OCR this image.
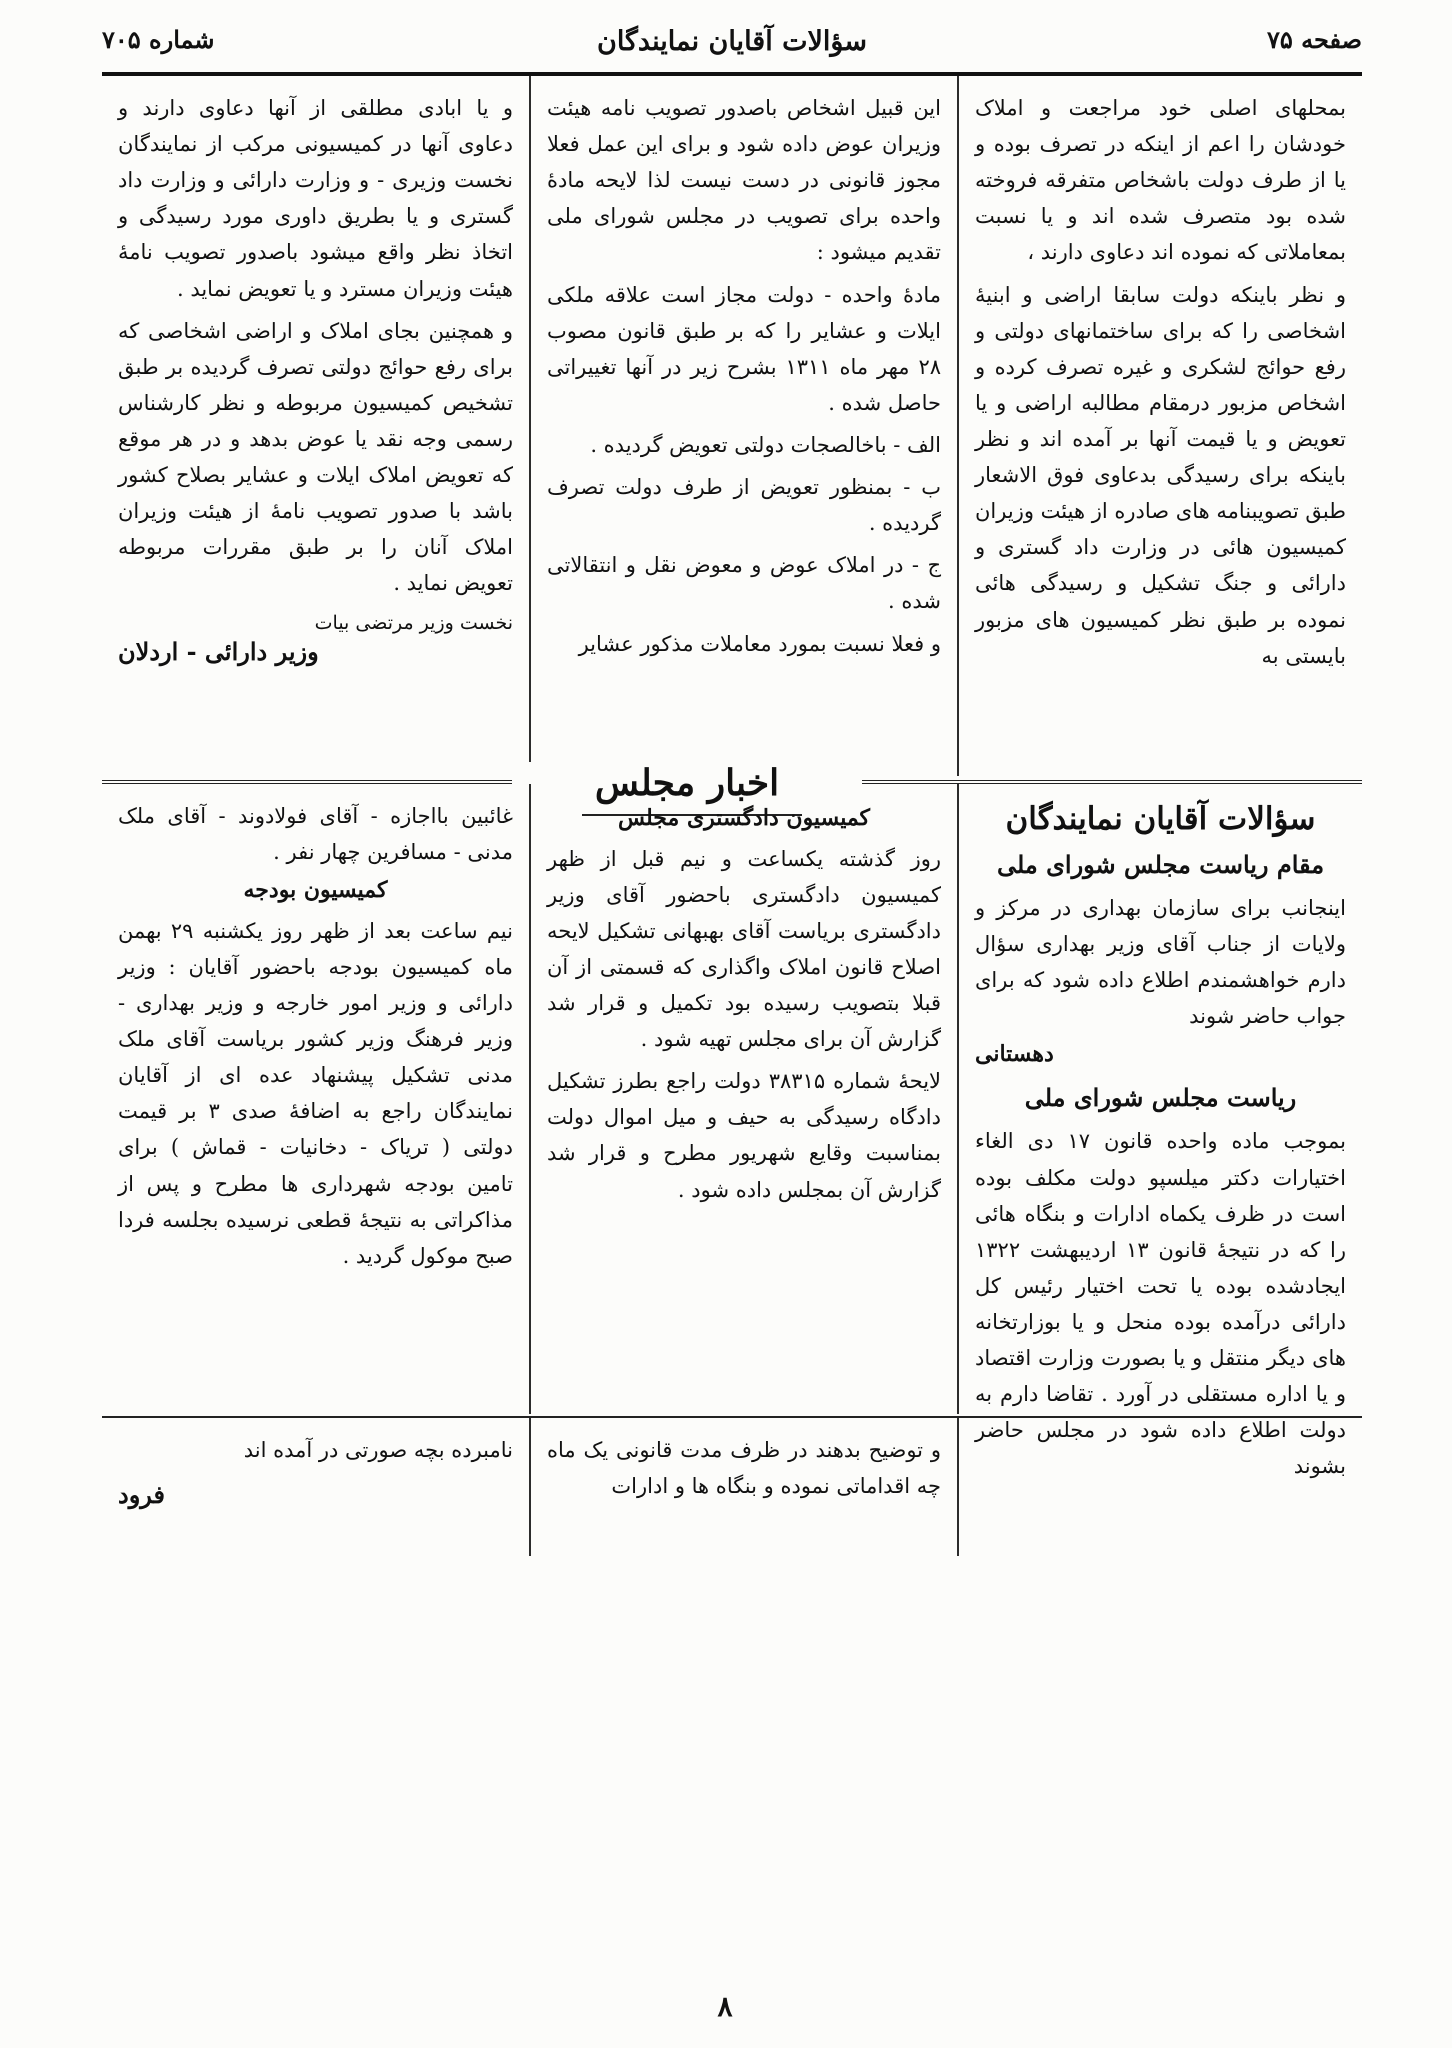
شماره ۷۰۵	سؤالات آقایان نمایندگان	صفحه ۷۵

بمحلهای اصلی خود مراجعت و املاک خودشان را اعم از اینکه در تصرف بوده و یا از طرف دولت باشخاص متفرقه فروخته شده بود متصرف شده اند و یا نسبت بمعاملاتی که نموده اند دعاوی دارند ،

و نظر باینکه دولت سابقا اراضی و ابنیهٔ اشخاصی را که برای ساختمانهای دولتی و رفع حوائج لشکری و غیره تصرف کرده و اشخاص مزبور درمقام مطالبه اراضی و یا تعویض و یا قیمت آنها بر آمده اند و نظر باینکه برای رسیدگی بدعاوی فوق الاشعار طبق تصویبنامه های صادره از هیئت وزیران کمیسیون هائی در وزارت داد گستری و دارائی و جنگ تشکیل و رسیدگی هائی نموده بر طبق نظر کمیسیون های مزبور بایستی به

این قبیل اشخاص باصدور تصویب نامه هیئت وزیران عوض داده شود و برای این عمل فعلا مجوز قانونی در دست نیست لذا لایحه مادهٔ واحده برای تصویب در مجلس شورای ملی تقدیم میشود :

مادهٔ واحده - دولت مجاز است علاقه ملکی ایلات و عشایر را که بر طبق قانون مصوب ۲۸ مهر ماه ۱۳۱۱ بشرح زیر در آنها تغییراتی حاصل شده .

الف - باخالصجات دولتی تعویض گردیده .

ب - بمنظور تعویض از طرف دولت تصرف گردیده .

ج - در املاک عوض و معوض نقل و انتقالاتی شده .

و فعلا نسبت بمورد معاملات مذکور عشایر

و یا ابادی مطلقی از آنها دعاوی دارند و دعاوی آنها در کمیسیونی مرکب از نمایندگان نخست وزیری - و وزارت دارائی و وزارت داد گستری و یا بطریق داوری مورد رسیدگی و اتخاذ نظر واقع میشود باصدور تصویب نامهٔ هیئت وزیران مسترد و یا تعویض نماید .

و همچنین بجای املاک و اراضی اشخاصی که برای رفع حوائج دولتی تصرف گردیده بر طبق تشخیص کمیسیون مربوطه و نظر کارشناس رسمی وجه نقد یا عوض بدهد و در هر موقع که تعویض املاک ایلات و عشایر بصلاح کشور باشد با صدور تصویب نامهٔ از هیئت وزیران املاک آنان را بر طبق مقررات مربوطه تعویض نماید .

نخست وزیر مرتضی بیات
وزیر دارائی - اردلان
اخبار مجلس
سؤالات آقایان نمایندگان
مقام ریاست مجلس شورای ملی

اینجانب برای سازمان بهداری در مرکز و ولایات از جناب آقای وزیر بهداری سؤال دارم خواهشمندم اطلاع داده شود که برای جواب حاضر شوند

دهستانی
ریاست مجلس شورای ملی

بموجب ماده واحده قانون ۱۷ دی الغاء اختیارات دکتر میلسپو دولت مکلف بوده است در ظرف یکماه ادارات و بنگاه هائی را که در نتیجهٔ قانون ۱۳ اردیبهشت ۱۳۲۲ ایجادشده بوده یا تحت اختیار رئیس کل دارائی درآمده بوده منحل و یا بوزارتخانه های دیگر منتقل و یا بصورت وزارت اقتصاد و یا اداره مستقلی در آورد . تقاضا دارم به دولت اطلاع داده شود در مجلس حاضر بشوند

کمیسیون دادگستری مجلس

روز گذشته یکساعت و نیم قبل از ظهر کمیسیون دادگستری باحضور آقای وزیر دادگستری بریاست آقای بهبهانی تشکیل لایحه اصلاح قانون املاک واگذاری که قسمتی از آن قبلا بتصویب رسیده بود تکمیل و قرار شد گزارش آن برای مجلس تهیه شود .

لایحهٔ شماره ۳۸۳۱۵ دولت راجع بطرز تشکیل دادگاه رسیدگی به حیف و میل اموال دولت بمناسبت وقایع شهریور مطرح و قرار شد گزارش آن بمجلس داده شود .

غائبین بااجازه - آقای فولادوند - آقای ملک مدنی - مسافرین چهار نفر .

کمیسیون بودجه

نیم ساعت بعد از ظهر روز یکشنبه ۲۹ بهمن ماه کمیسیون بودجه باحضور آقایان : وزیر دارائی و وزیر امور خارجه و وزیر بهداری - وزیر فرهنگ وزیر کشور بریاست آقای ملک مدنی تشکیل پیشنهاد عده ای از آقایان نمایندگان راجع به اضافهٔ صدی ۳ بر قیمت دولتی ( تریاک - دخانیات - قماش ) برای تامین بودجه شهرداری ها مطرح و پس از مذاکراتی به نتیجهٔ قطعی نرسیده بجلسه فردا صبح موکول گردید .

و توضیح بدهند در ظرف مدت قانونی یک ماه چه اقداماتی نموده و بنگاه ها و ادارات

نامبرده بچه صورتی در آمده اند

فرود
۸
